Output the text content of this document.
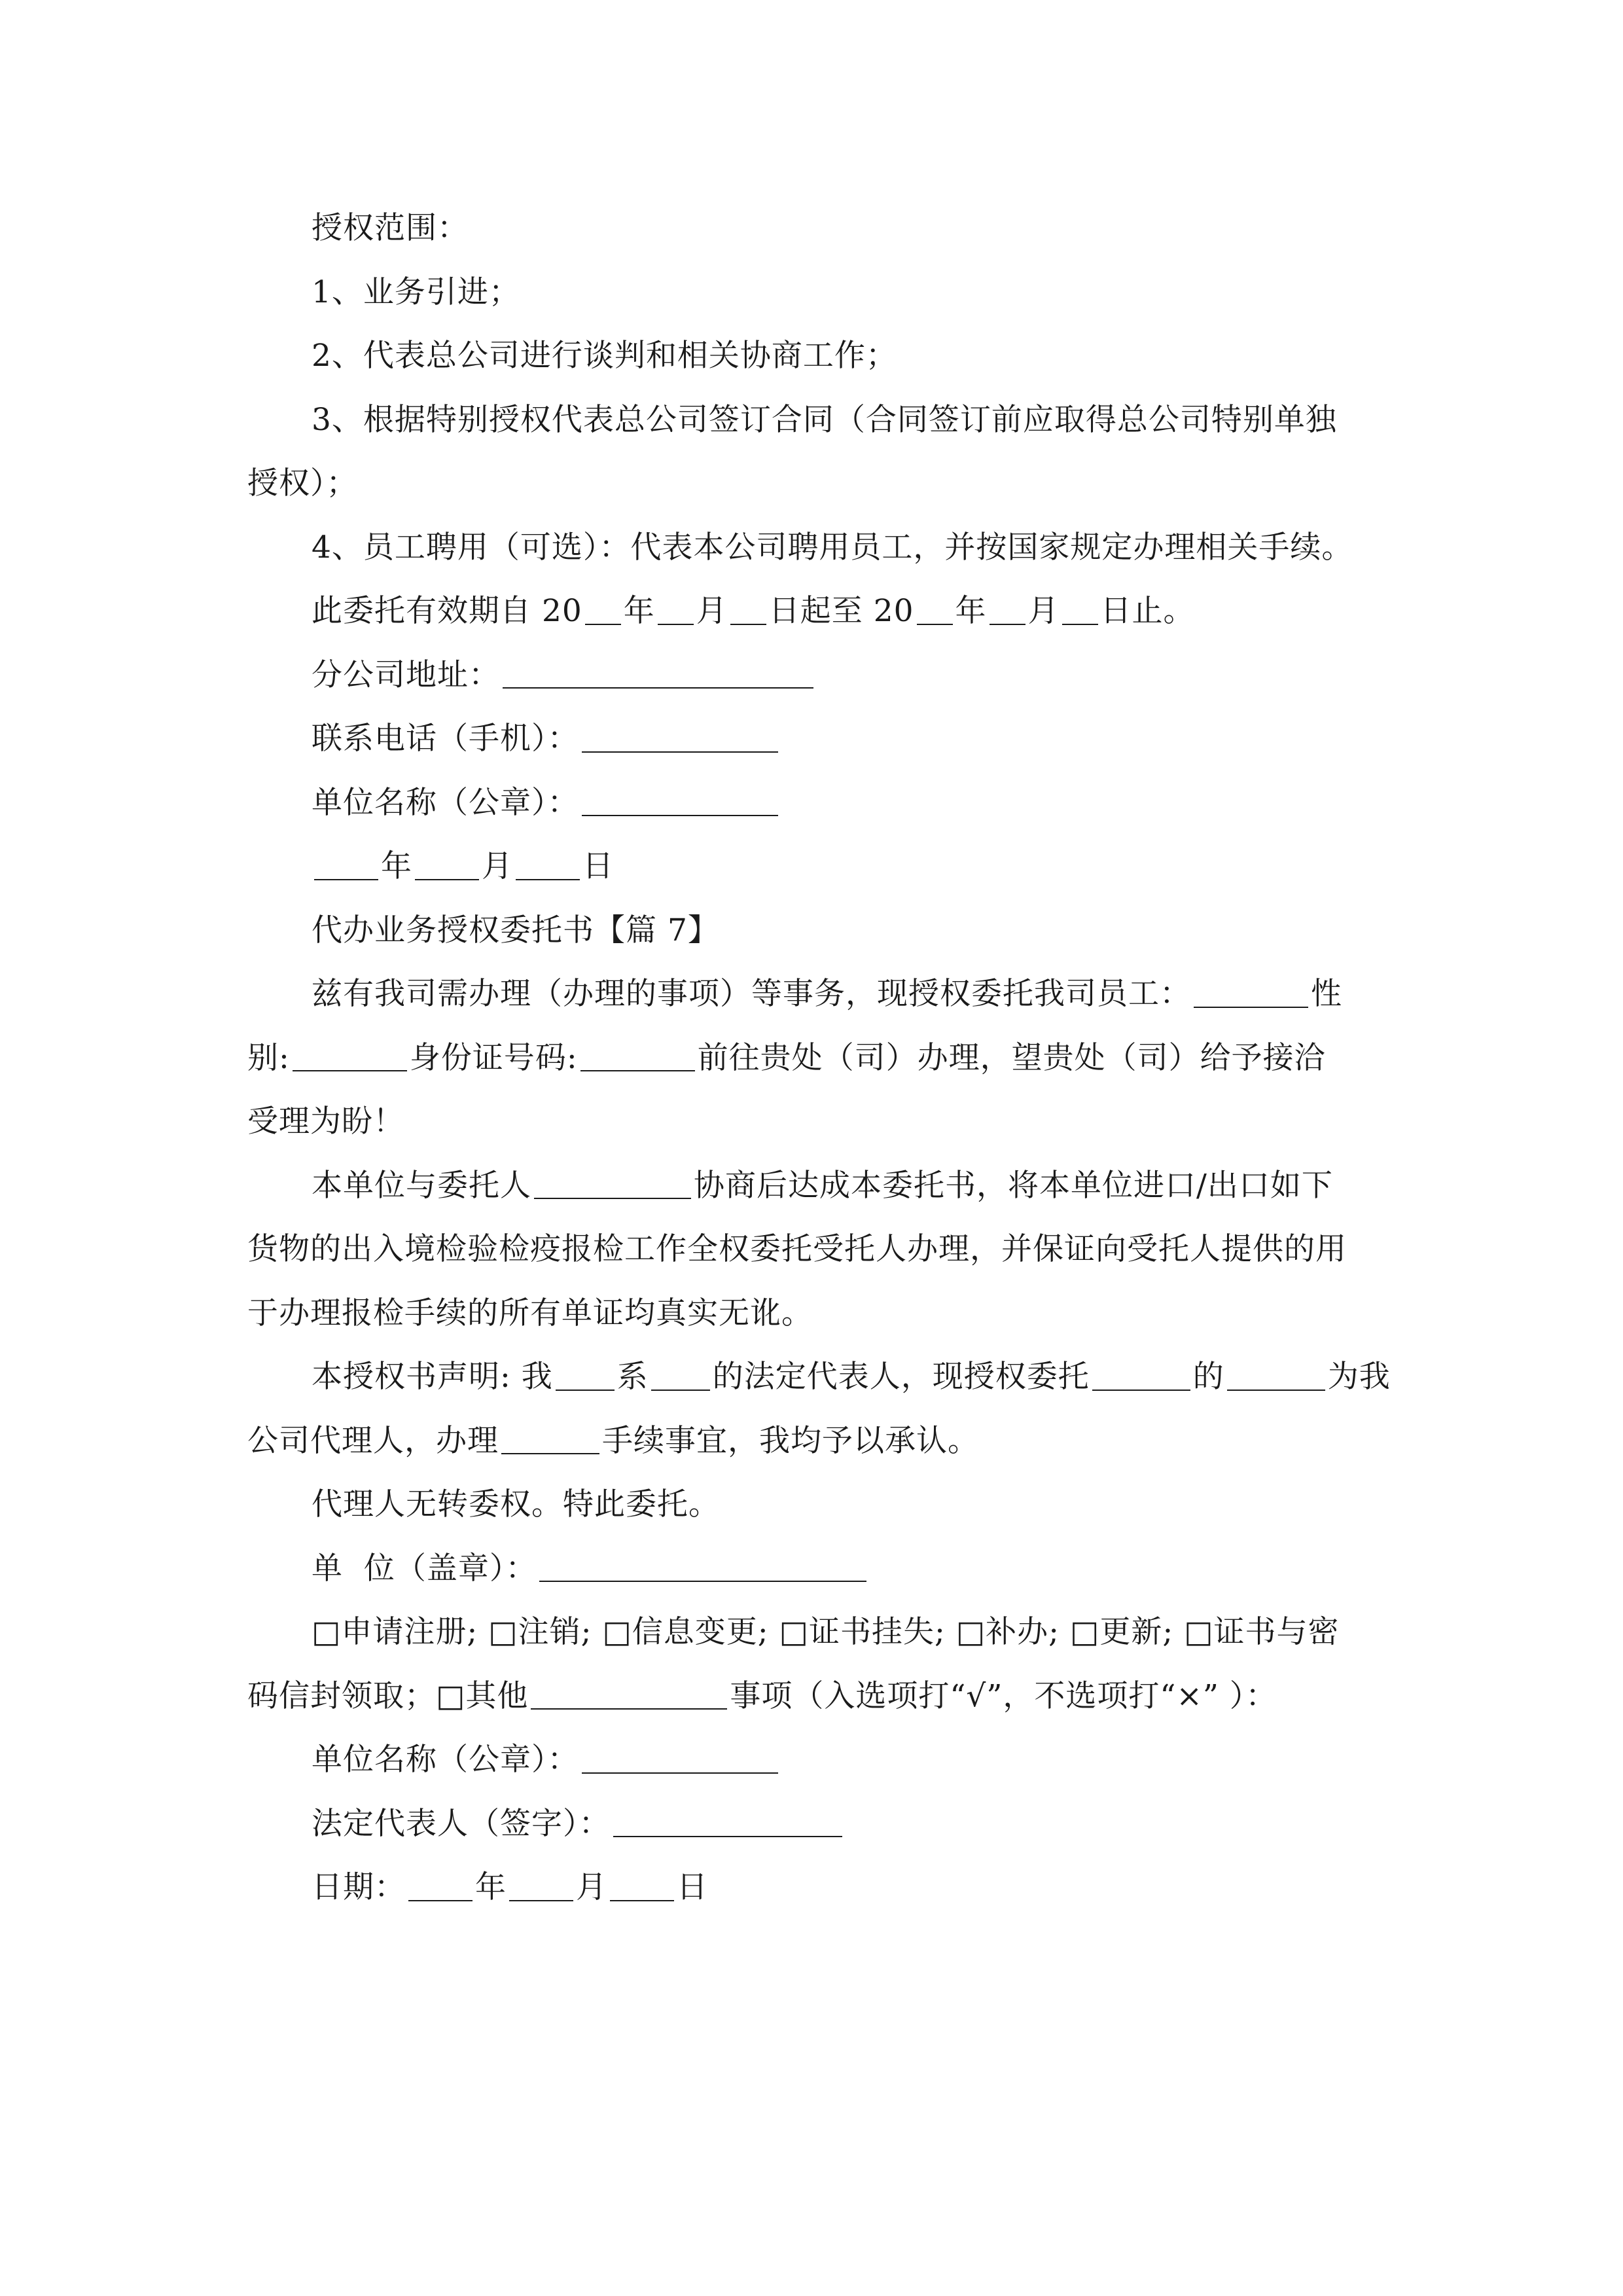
授权范围：

1、业务引进；

2、代表总公司进行谈判和相关协商工作；

3、根据特别授权代表总公司签订合同（合同签订前应取得总公司特别单独

授权）；

4、员工聘用（可选）：代表本公司聘用员工，并按国家规定办理相关手续。

此委托有效期自 20 年 月 日起至 20 年 月 日止。

分公司地址：

联系电话（手机）：

单位名称（公章）：

年 月 日

代办业务授权委托书【篇 7】

兹有我司需办理（办理的事项）等事务，现授权委托我司员工：	性

别:	身份证号码:	前往贵处（司）办理，望贵处（司）给予接洽

受理为盼！

本单位与委托人	协商后达成本委托书，将本单位进口/出口如下

货物的出入境检验检疫报检工作全权委托受托人办理，并保证向受托人提供的用

于办理报检手续的所有单证均真实无讹。

本授权书声明: 我 系 的法定代表人，现授权委托	的	为我

公司代理人，办理	手续事宜，我均予以承认。

代理人无转委权。特此委托。

单  位（盖章）：

□申请注册; □注销; □信息变更; □证书挂失; □补办; □更新; □证书与密

码信封领取；□其他	事项（入选项打“√”，不选项打“×” ）：

单位名称（公章）：

法定代表人（签字）：

日期： 年 月 日
